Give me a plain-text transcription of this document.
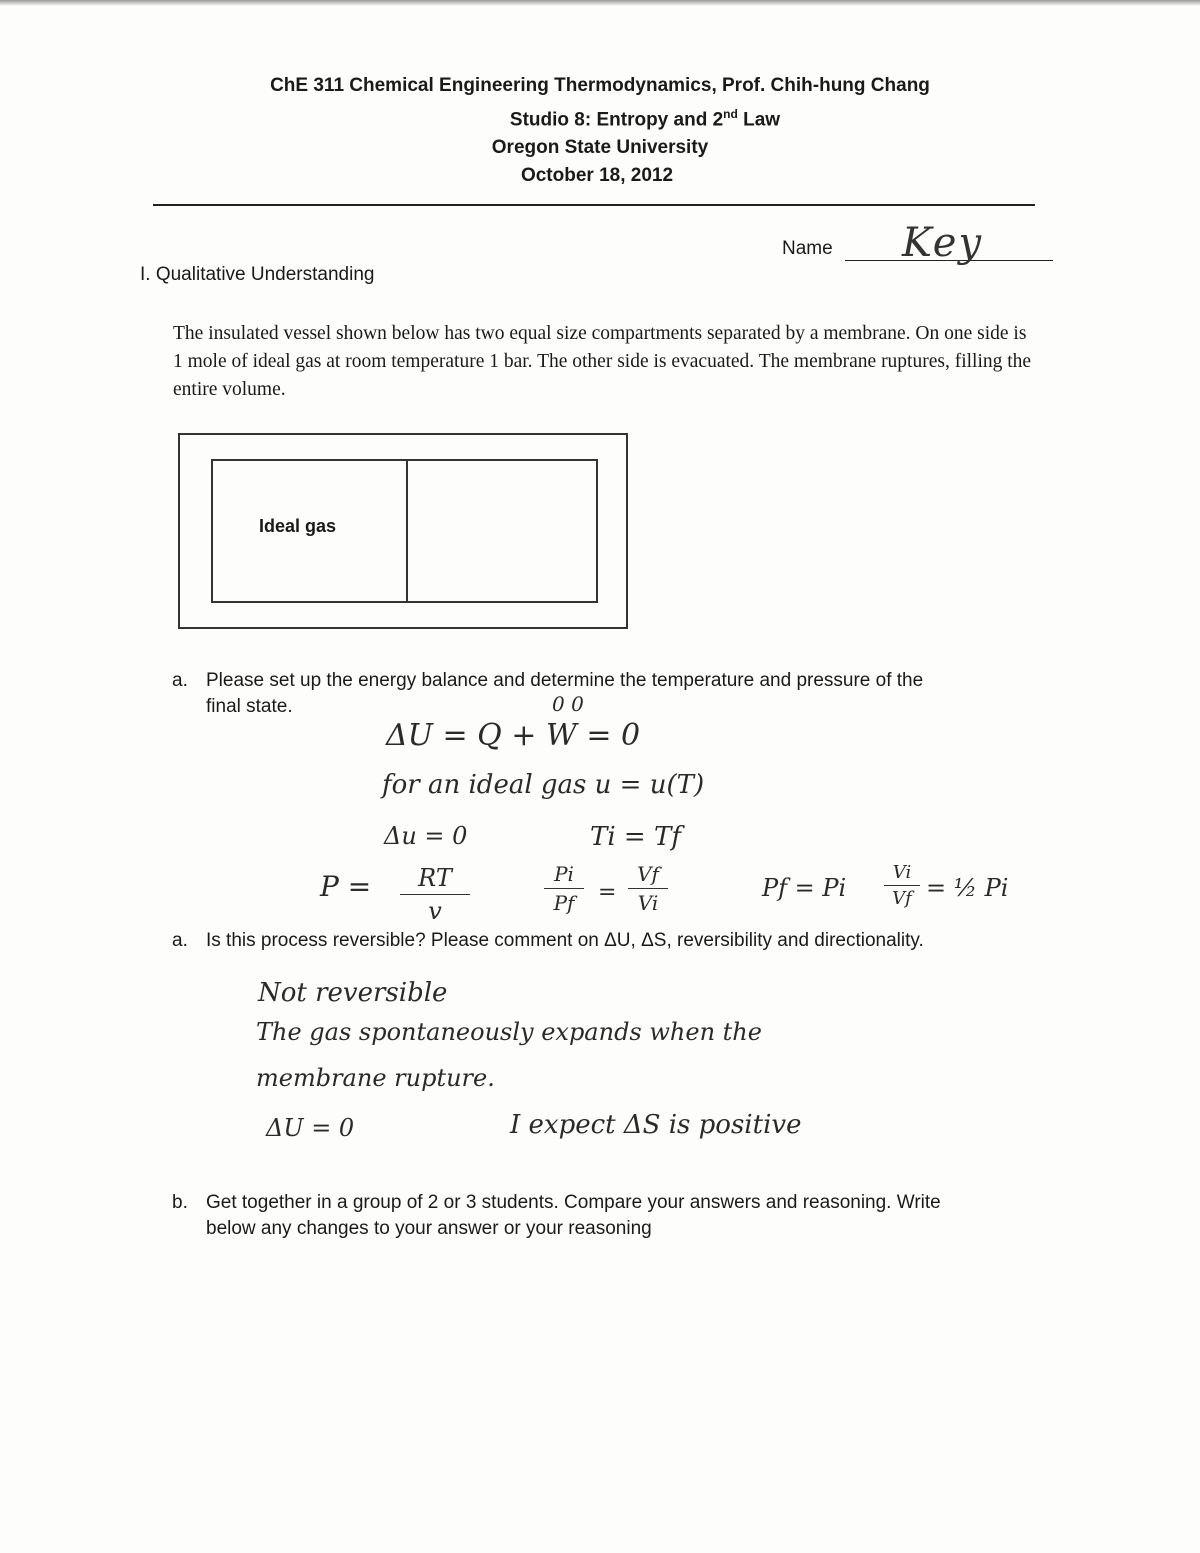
ChE 311 Chemical Engineering Thermodynamics, Prof. Chih-hung Chang
Studio 8: Entropy and 2nd Law
Oregon State University
October 18, 2012
Name Key
I. Qualitative Understanding
The insulated vessel shown below has two equal size compartments separated by a membrane. On one side is 1 mole of ideal gas at room temperature 1 bar. The other side is evacuated. The membrane ruptures, filling the entire volume.
Ideal gas
a. Please set up the energy balance and determine the temperature and pressure of the
final state.	0 0
ΔU = Q + W = 0
for an ideal gas u = u(T)
Δu = 0	Ti = Tf
P =	RT
v
Pi
Pf	=
Vf
Vi
Pf = Pi
Vi
Vf = ½ Pi
a. Is this process reversible? Please comment on ΔU, ΔS, reversibility and directionality.
Not reversible
The gas spontaneously expands when the
membrane rupture.
ΔU = 0	I expect ΔS is positive
b. Get together in a group of 2 or 3 students. Compare your answers and reasoning. Write
below any changes to your answer or your reasoning
